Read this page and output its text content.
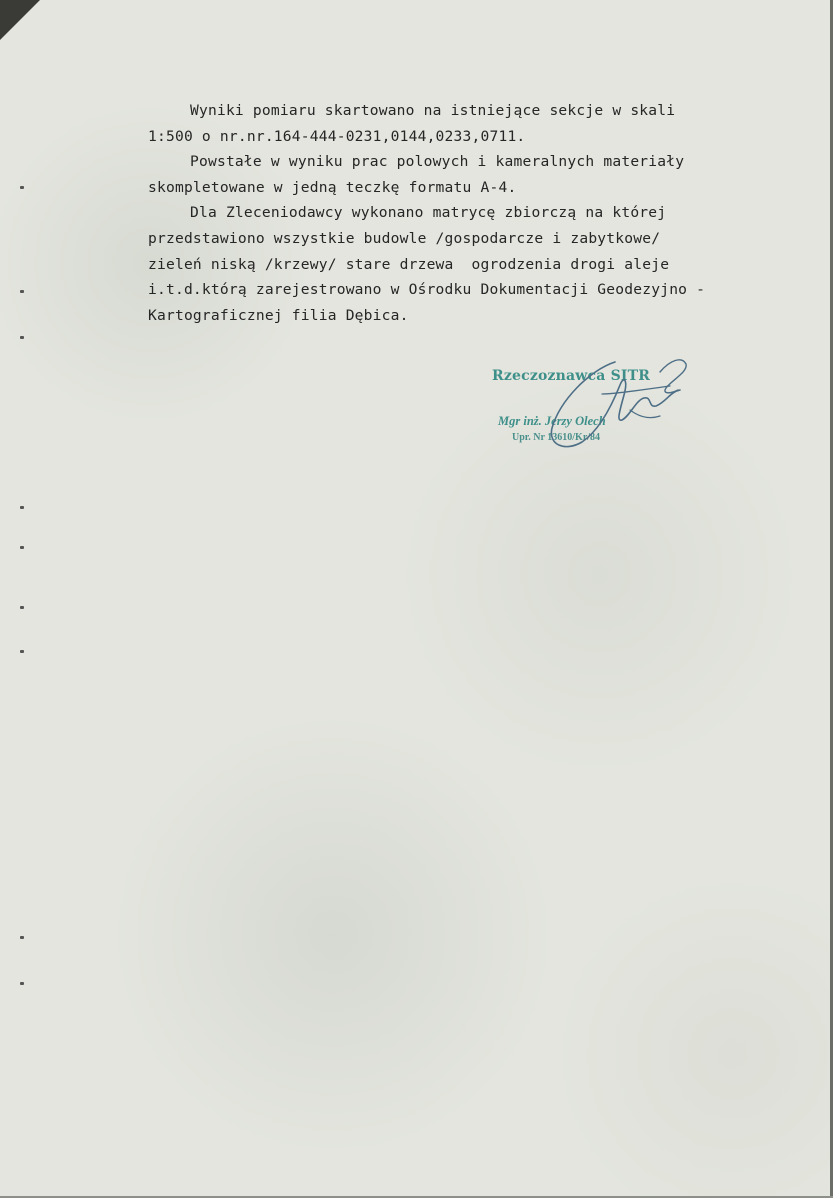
Wyniki pomiaru skartowano na istniejące sekcje w skali
1:500 o nr.nr.164-444-0231,0144,0233,0711.
Powstałe w wyniku prac polowych i kameralnych materiały
skompletowane w jedną teczkę formatu A-4.
Dla Zleceniodawcy wykonano matrycę zbiorczą na której
przedstawiono wszystkie budowle /gospodarcze i zabytkowe/
zieleń niską /krzewy/ stare drzewa  ogrodzenia drogi aleje
i.t.d.którą zarejestrowano w Ośrodku Dokumentacji Geodezyjno -
Kartograficznej filia Dębica.
Rzeczoznawca SITR
Mgr inż. Jerzy Olech
Upr. Nr 13610/Kr/84
